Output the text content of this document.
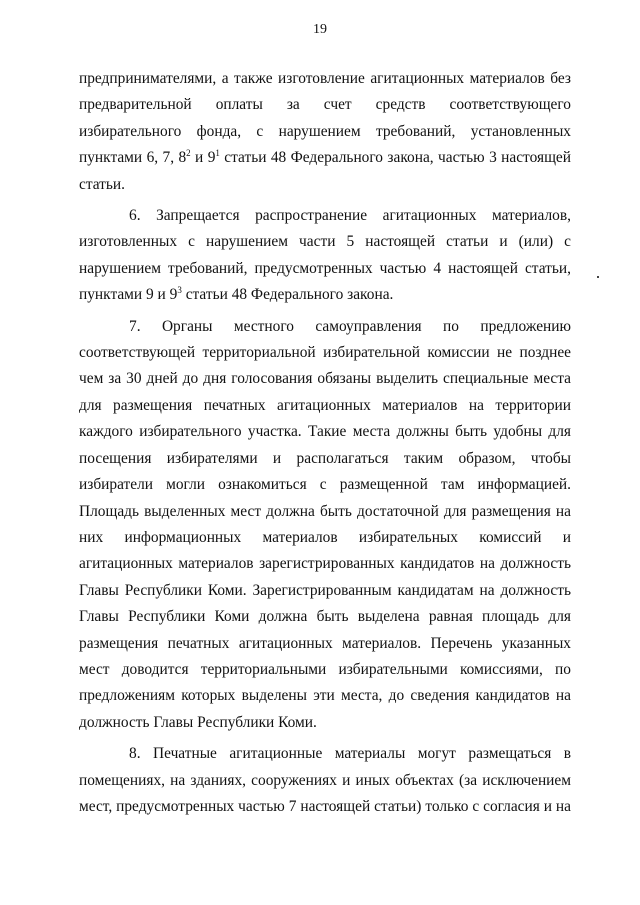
19

предпринимателями, а также изготовление агитационных материалов без предварительной оплаты за счет средств соответствующего избирательного фонда, с нарушением требований, установленных пунктами 6, 7, $8^2$ и $9^1$ статьи 48 Федерального закона, частью 3 настоящей статьи.

6. Запрещается распространение агитационных материалов, изготовленных с нарушением части 5 настоящей статьи и (или) с нарушением требований, предусмотренных частью 4 настоящей статьи, пунктами 9 и $9^3$ статьи 48 Федерального закона.

7. Органы местного самоуправления по предложению соответствующей территориальной избирательной комиссии не позднее чем за 30 дней до дня голосования обязаны выделить специальные места для размещения печатных агитационных материалов на территории каждого избирательного участка. Такие места должны быть удобны для посещения избирателями и располагаться таким образом, чтобы избиратели могли ознакомиться с размещенной там информацией. Площадь выделенных мест должна быть достаточной для размещения на них информационных материалов избирательных комиссий и агитационных материалов зарегистрированных кандидатов на должность Главы Республики Коми. Зарегистрированным кандидатам на должность Главы Республики Коми должна быть выделена равная площадь для размещения печатных агитационных материалов. Перечень указанных мест доводится территориальными избирательными комиссиями, по предложениям которых выделены эти места, до сведения кандидатов на должность Главы Республики Коми.

8. Печатные агитационные материалы могут размещаться в помещениях, на зданиях, сооружениях и иных объектах (за исключением мест, предусмотренных частью 7 настоящей статьи) только с согласия и на
